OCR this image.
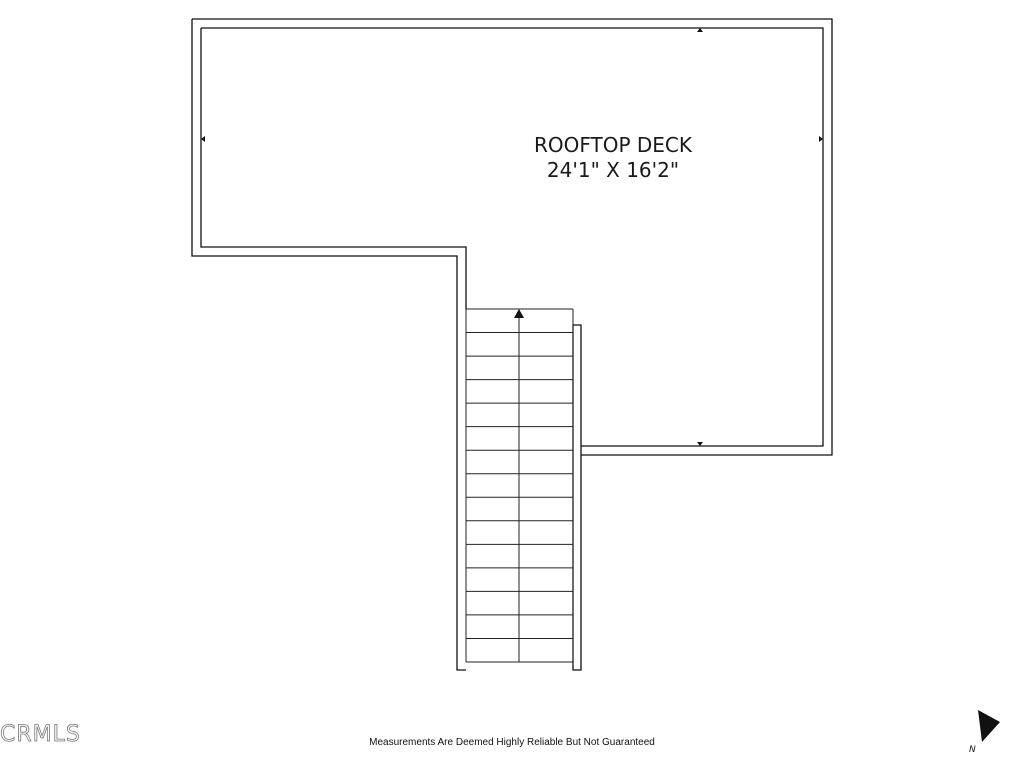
ROOFTOP DECK
24'1" X 16'2"
CRMLS	Measurements Are Deemed Highly Reliable But Not Guaranteed
N
